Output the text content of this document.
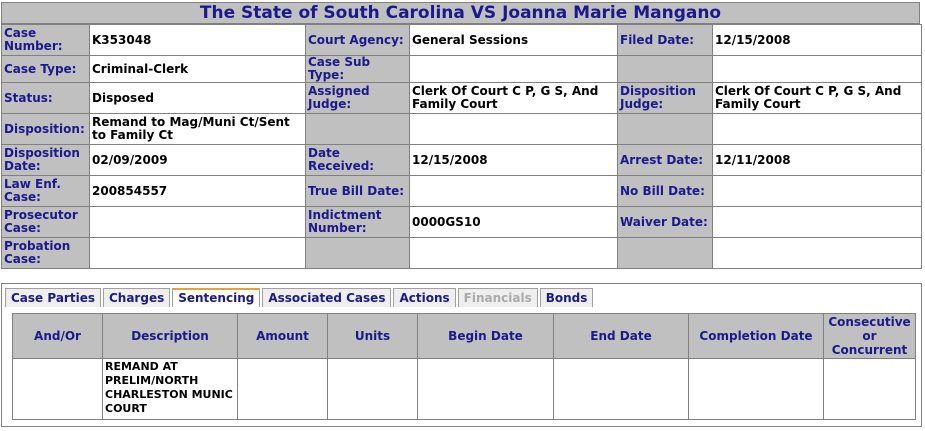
The State of South Carolina VS Joanna Marie Mangano
Case Number:	K353048	Court Agency:	General Sessions	Filed Date:	12/15/2008
Case Type:	Criminal-Clerk	Case Sub Type:			
Status:	Disposed	Assigned Judge:	Clerk Of Court C P, G S, And Family Court	Disposition Judge:	Clerk Of Court C P, G S, And Family Court
Disposition:	Remand to Mag/Muni Ct/Sent to Family Ct				
Disposition Date:	02/09/2009	Date Received:	12/15/2008	Arrest Date:	12/11/2008
Law Enf. Case:	200854557	True Bill Date:		No Bill Date:	
Prosecutor Case:		Indictment Number:	0000GS10	Waiver Date:	
Probation Case:					
Case Parties	Charges	Sentencing	Associated Cases	Actions	Financials	Bonds
And/Or	Description	Amount	Units	Begin Date	End Date	Completion Date	Consecutive or Concurrent
	REMAND AT PRELIM/NORTH CHARLESTON MUNIC COURT						
